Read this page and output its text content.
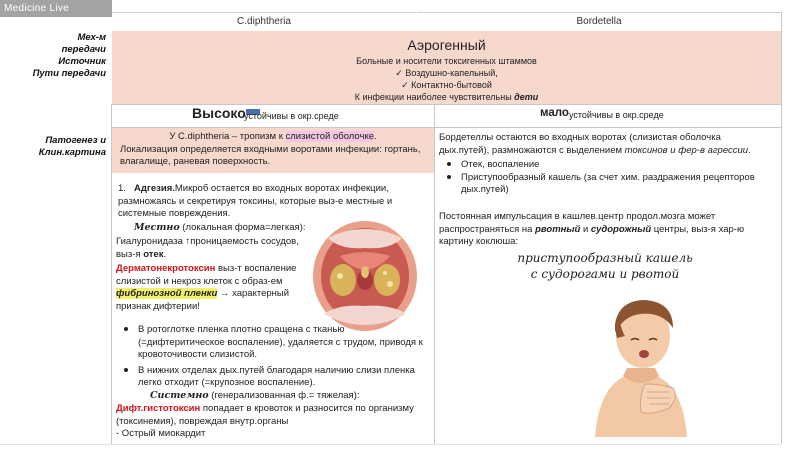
Medicine Live
C.diphtheria	Bordetella
Мех-м
передачи
Источник
Пути передачи
Аэрогенный
Больные и носители токсигенных штаммов
✓ Воздушно-капельный,
✓ Контактно-бытовой
К инфекции наиболее чувствительны дети
Высоко
устойчивы в окр.среде	мало устойчивы в окр.среде
Патогенез и
Клин.картина
У C.diphtheria – тропизм к слизистой оболочке.
Локализация определяется входными воротами инфекции: гортань, влагалище, раневая поверхность.
1. Адгезия.Микроб остается во входных воротах инфекции, размножаясь и секретируя токсины, которые выз-е местные и системные повреждения.
Местно (локальная форма=легкая):
Гиалуронидаза ↑проницаемость сосудов,
выз-я отек.
Дерматонекротоксин выз-т воспаление
слизистой и некроз клеток с образ-ем
фибринозной пленки → характерный
признак дифтерии!
В ротоглотке пленка плотно сращена с тканью (=дифтеритическое воспаление), удаляется с трудом, приводя к кровоточивости слизистой.
В нижних отделах дых.путей благодаря наличию слизи пленка легко отходит (=крупозное воспаление).
Системно (генерализованная ф.= тяжелая):
Дифт.гистотоксин попадает в кровоток и разносится по организму (токсинемия), повреждая внутр.органы
- Острый миокардит
Бордетеллы остаются во входных воротах (слизистая оболочка дых.путей), размножаются с выделением токсинов и фер-в агрессии.
Отек, воспаление
Приступообразный кашель (за счет хим. раздражения рецепторов дых.путей)
Постоянная импульсация в кашлев.центр продол.мозга может распространяться на рвотный и судорожный центры, выз-я хар-ю картину коклюша:
приступообразный кашель
с судорогами и рвотой
